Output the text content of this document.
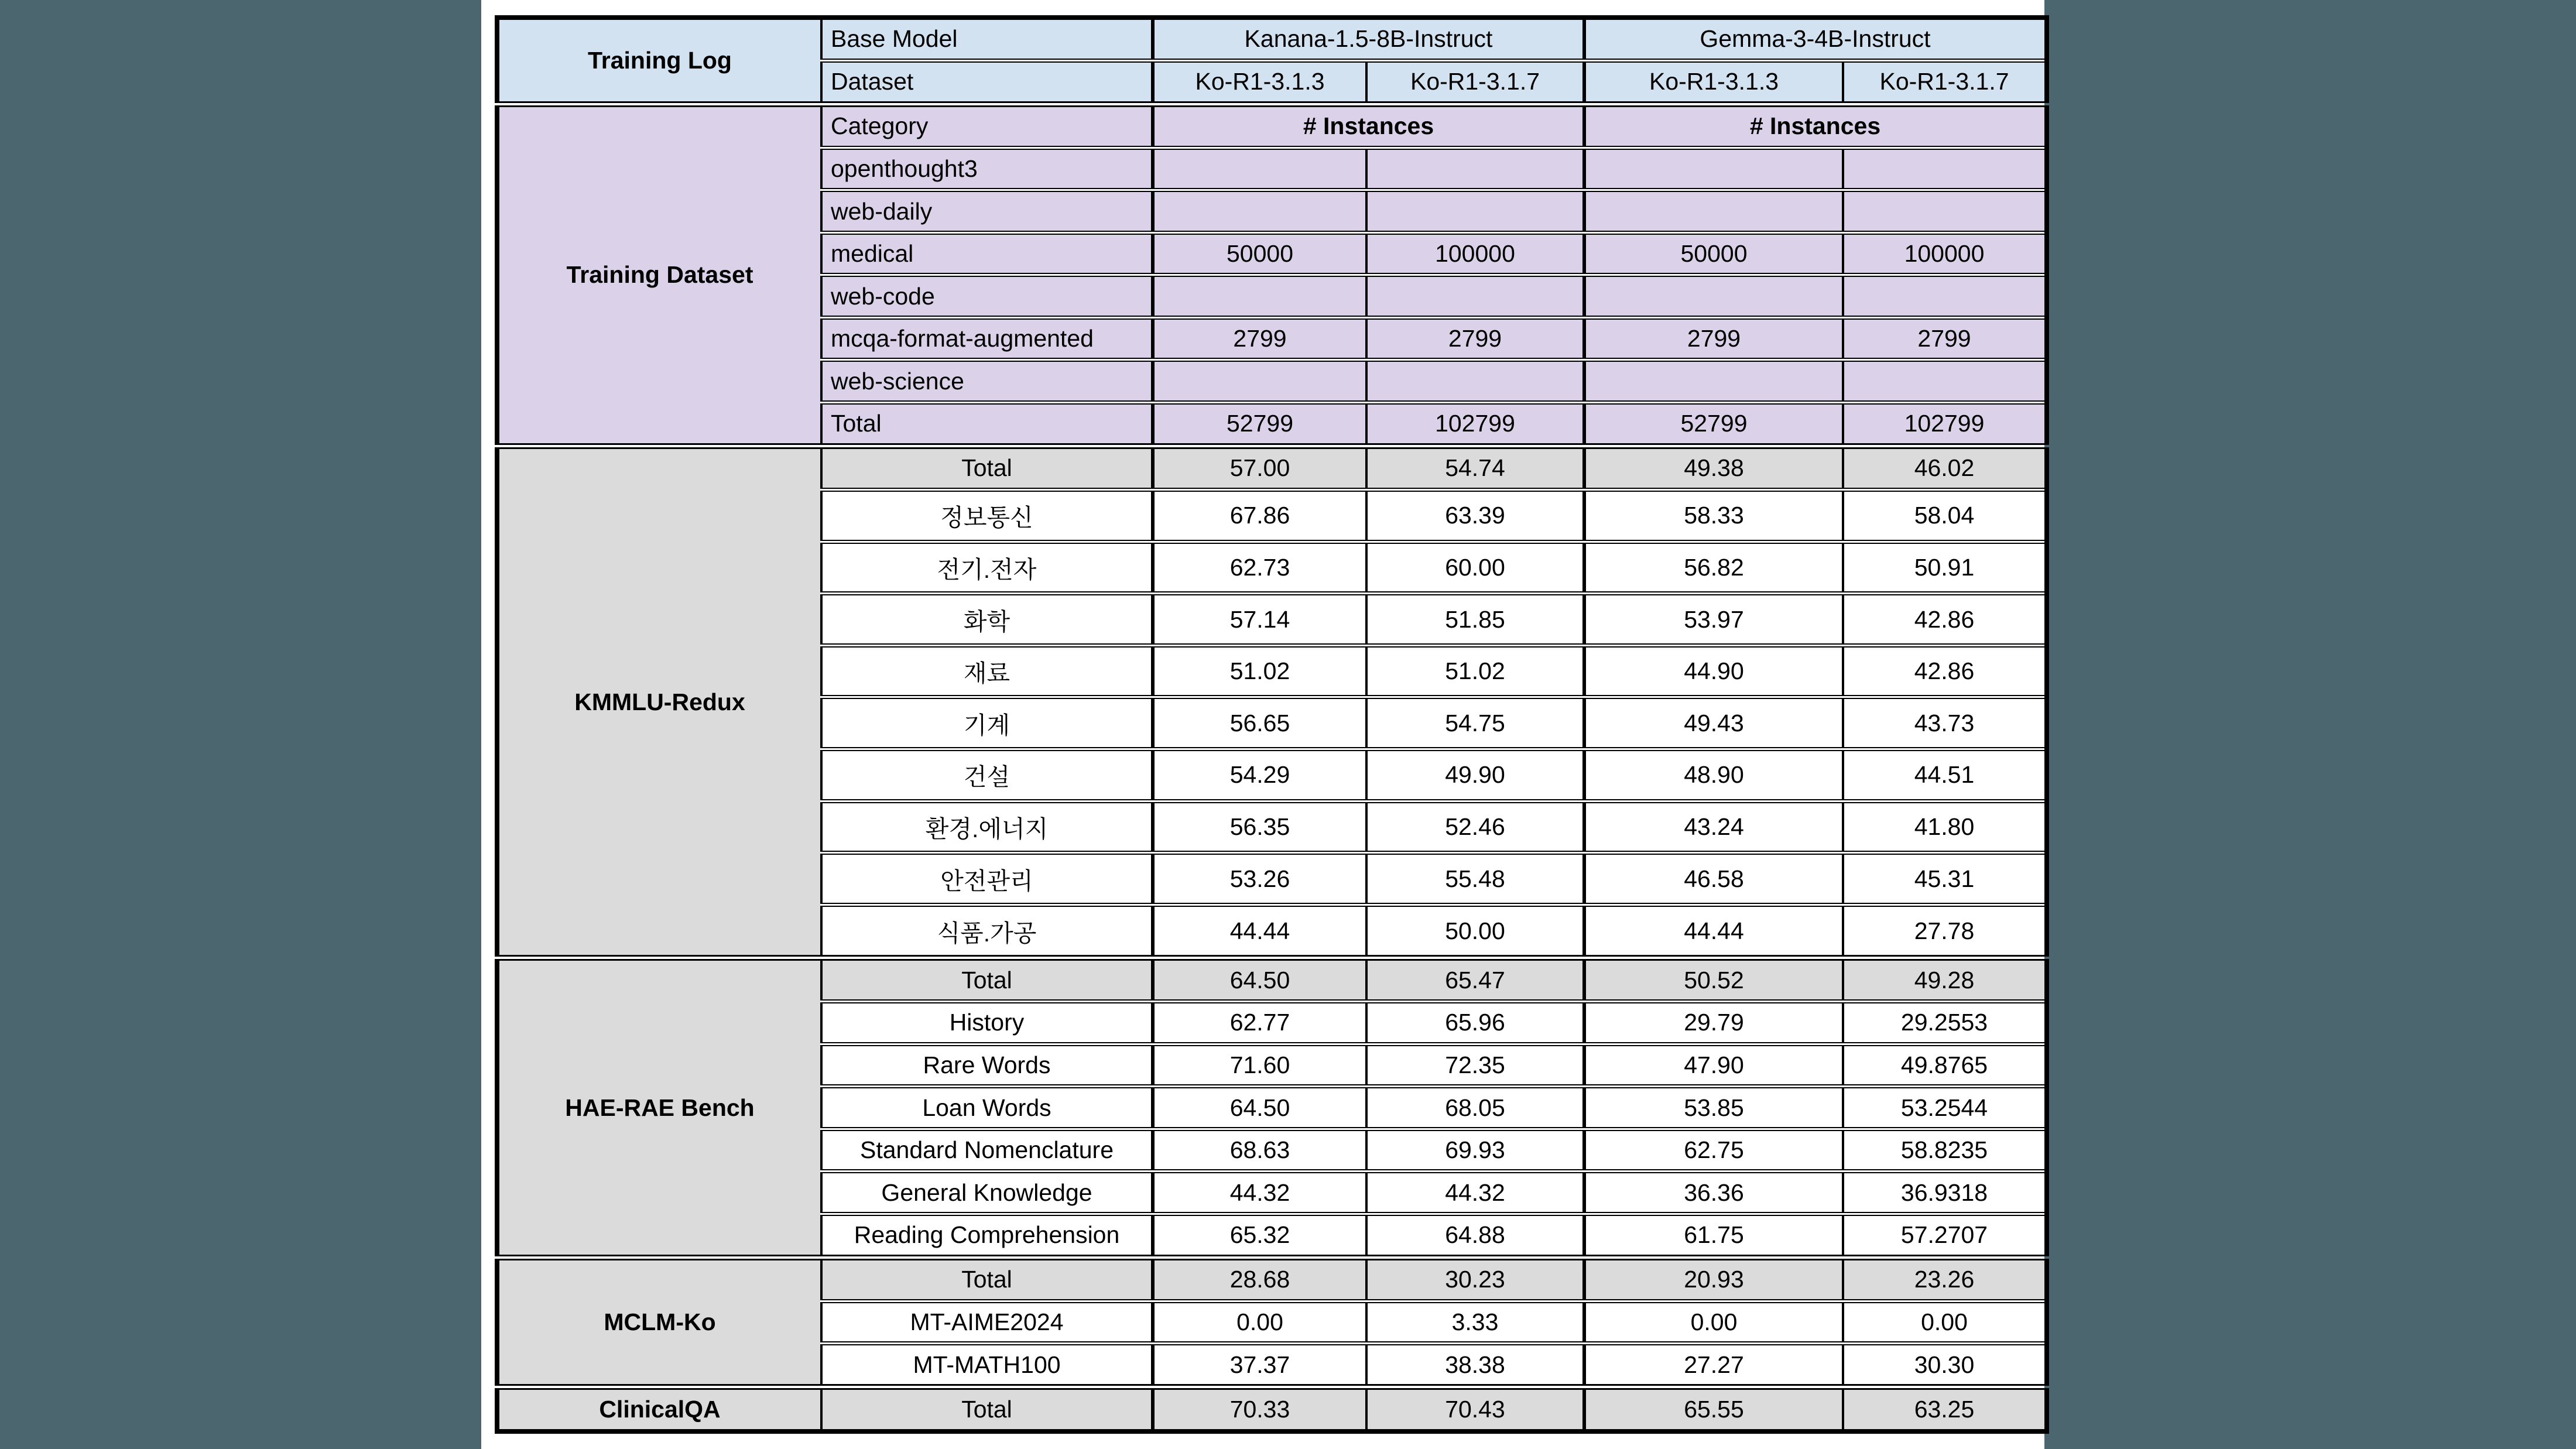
Training Log	Base Model	Kanana-1.5-8B-Instruct		Gemma-3-4B-Instruct	
	Dataset	Ko-R1-3.1.3	Ko-R1-3.1.7	Ko-R1-3.1.3	Ko-R1-3.1.7
Training Dataset	Category	# Instances		# Instances	
	openthought3				
	web-daily				
	medical	50000	100000	50000	100000
	web-code				
	mcqa-format-augmented	2799	2799	2799	2799
	web-science				
	Total	52799	102799	52799	102799
KMMLU-Redux	Total	57.00	54.74	49.38	46.02
	정보통신	67.86	63.39	58.33	58.04
	전기.전자	62.73	60.00	56.82	50.91
	화학	57.14	51.85	53.97	42.86
	재료	51.02	51.02	44.90	42.86
	기계	56.65	54.75	49.43	43.73
	건설	54.29	49.90	48.90	44.51
	환경.에너지	56.35	52.46	43.24	41.80
	안전관리	53.26	55.48	46.58	45.31
	식품.가공	44.44	50.00	44.44	27.78
HAE-RAE Bench	Total	64.50	65.47	50.52	49.28
	History	62.77	65.96	29.79	29.2553
	Rare Words	71.60	72.35	47.90	49.8765
	Loan Words	64.50	68.05	53.85	53.2544
	Standard Nomenclature	68.63	69.93	62.75	58.8235
	General Knowledge	44.32	44.32	36.36	36.9318
	Reading Comprehension	65.32	64.88	61.75	57.2707
MCLM-Ko	Total	28.68	30.23	20.93	23.26
	MT-AIME2024	0.00	3.33	0.00	0.00
	MT-MATH100	37.37	38.38	27.27	30.30
ClinicalQA	Total	70.33	70.43	65.55	63.25
